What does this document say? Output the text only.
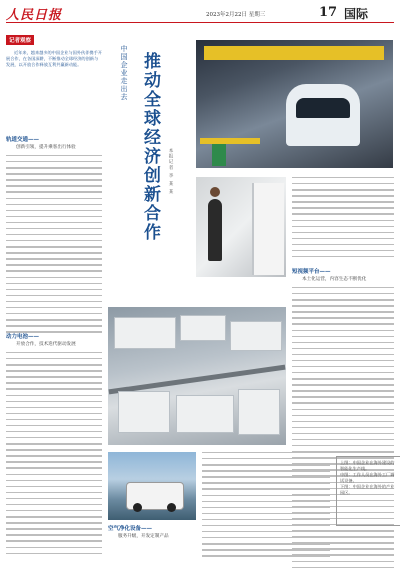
人民日报	2023年2月22日 星期三	17 国际
记者观察
近年来，越来越多的中国企业与国外伙伴携手开展合作，在各国深耕，不断推动全球经济的创新与发展，以开放合作释放互利共赢新动能。
轨道交通——
创新引领，提升乘客出行体验
动力电池——
开放合作，技术迭代驱动发展
中国企业走出去 推动全球经济创新合作	本报记者 李 某 某
短视频平台——
本土化运营，内容生态不断优化
空气净化设备——
服务升级，开发定制产品
上图：中国企业在海外建设的智能化生产线。
中图：工作人员在海外工厂调试设备。
下图：中国企业在海外的产业园区。
